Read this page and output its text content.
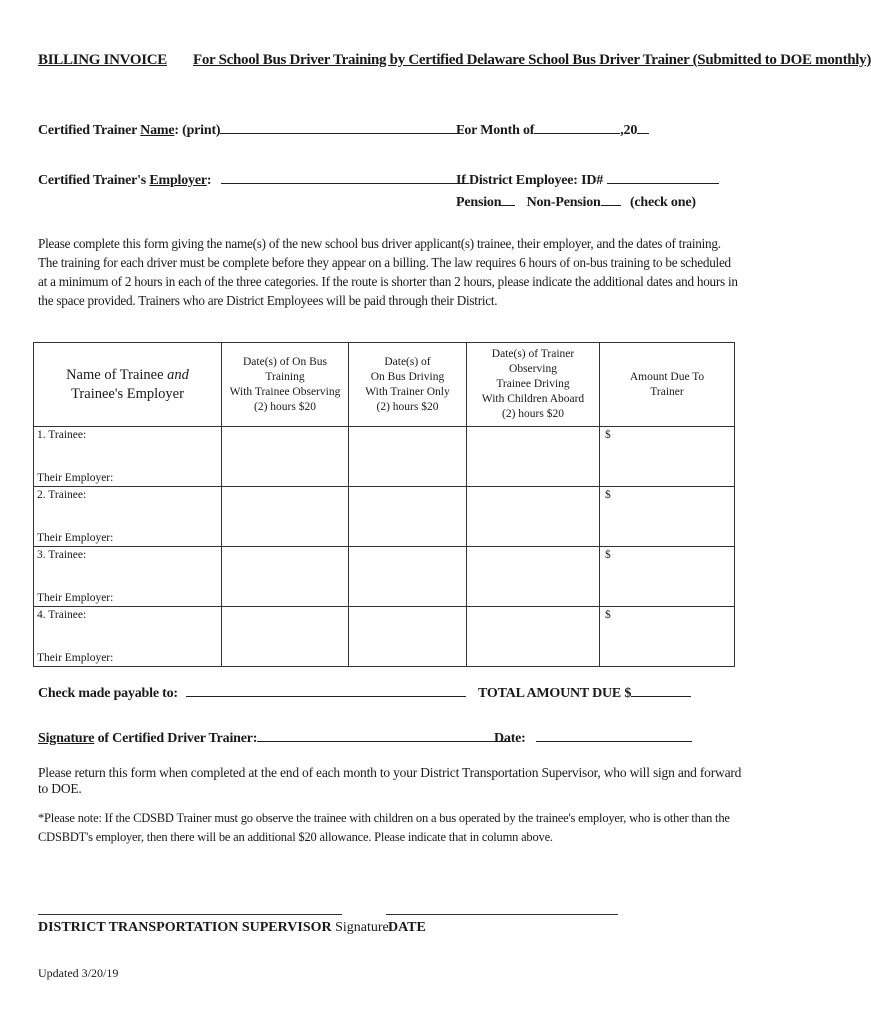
BILLING INVOICE For School Bus Driver Training by Certified Delaware School Bus Driver Trainer (Submitted to DOE monthly)
Certified Trainer Name: (print)	For Month of	,20
Certified Trainer's Employer:	If District Employee: ID#
Pension Non-Pension (check one)
Please complete this form giving the name(s) of the new school bus driver applicant(s) trainee, their employer, and the dates of training. The training for each driver must be complete before they appear on a billing. The law requires 6 hours of on-bus training to be scheduled at a minimum of 2 hours in each of the three categories. If the route is shorter than 2 hours, please indicate the additional dates and hours in the space provided. Trainers who are District Employees will be paid through their District.
Name of Trainee and
Trainee's Employer	Date(s) of On Bus Training
With Trainee Observing
(2) hours $20	Date(s) of
On Bus Driving
With Trainer Only
(2) hours $20	Date(s) of Trainer Observing
Trainee Driving
With Children Aboard
(2) hours $20	Amount Due To
Trainer

1. Trainee:
Their Employer:				$

2. Trainee:
Their Employer:				$

3. Trainee:
Their Employer:				$

4. Trainee:
Their Employer:				$
Check made payable to:	TOTAL AMOUNT DUE $
Signature of Certified Driver Trainer:	Date:
Please return this form when completed at the end of each month to your District Transportation Supervisor, who will sign and forward to DOE.
*Please note: If the CDSBD Trainer must go observe the trainee with children on a bus operated by the trainee's employer, who is other than the CDSBDT's employer, then there will be an additional $20 allowance. Please indicate that in column above.
DISTRICT TRANSPORTATION SUPERVISOR Signature DATE
Updated 3/20/19
